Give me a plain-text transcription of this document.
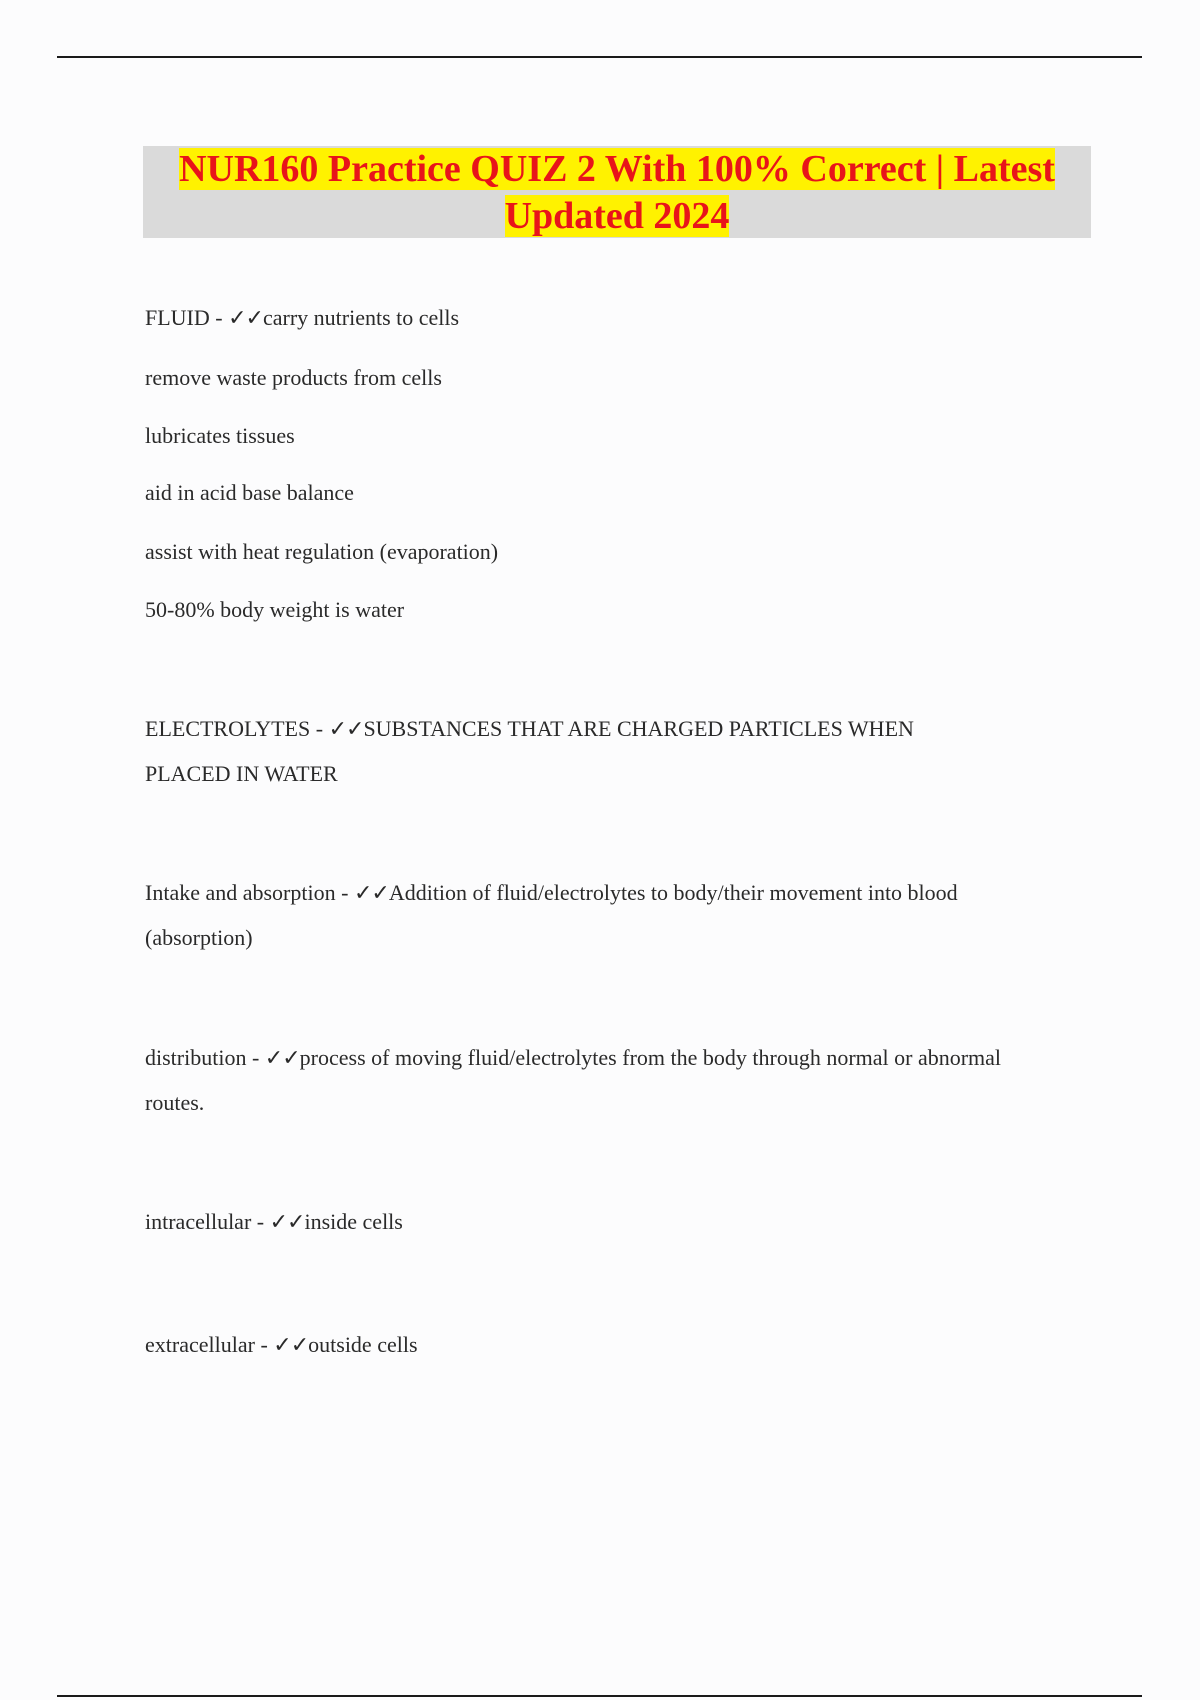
NUR160 Practice QUIZ 2 With 100% Correct | Latest
Updated 2024
FLUID - ✓✓carry nutrients to cells
remove waste products from cells
lubricates tissues
aid in acid base balance
assist with heat regulation (evaporation)
50-80% body weight is water
ELECTROLYTES - ✓✓SUBSTANCES THAT ARE CHARGED PARTICLES WHEN
PLACED IN WATER
Intake and absorption - ✓✓Addition of fluid/electrolytes to body/their movement into blood
(absorption)
distribution - ✓✓process of moving fluid/electrolytes from the body through normal or abnormal
routes.
intracellular - ✓✓inside cells
extracellular - ✓✓outside cells
